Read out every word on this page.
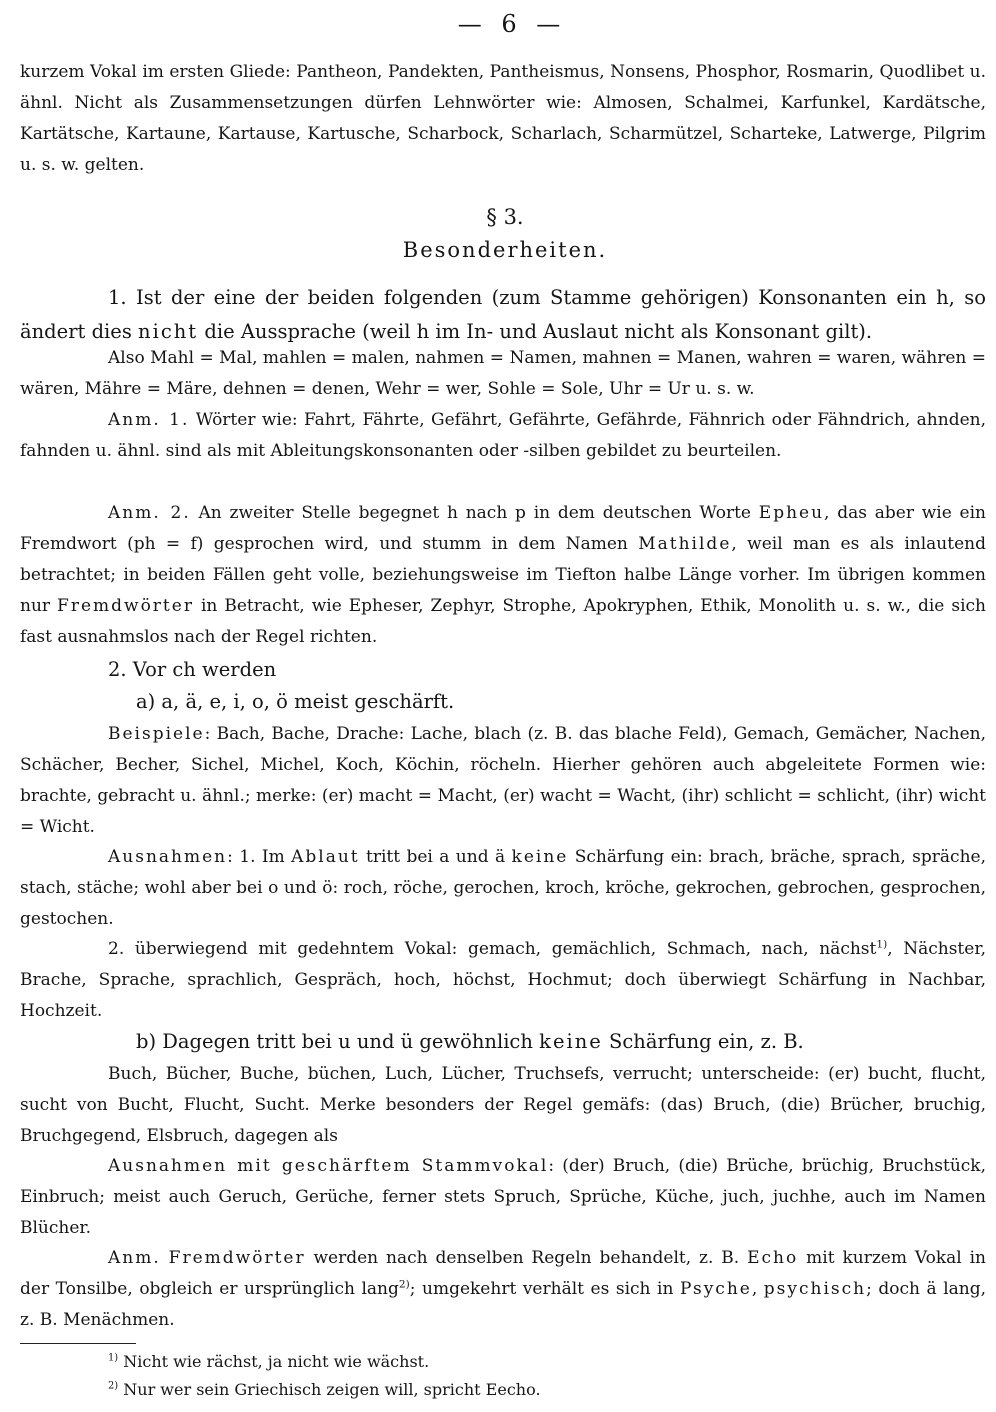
— 6 —

kurzem Vokal im ersten Gliede: Pantheon, Pandekten, Pantheismus, Nonsens, Phosphor, Rosmarin, Quodlibet u. ähnl. Nicht als Zusammensetzungen dürfen Lehnwörter wie: Almosen, Schalmei, Karfunkel, Kardätsche, Kartätsche, Kartaune, Kartause, Kartusche, Scharbock, Scharlach, Scharmützel, Scharteke, Latwerge, Pilgrim u. s. w. gelten.

§ 3.
Besonderheiten.

1. Ist der eine der beiden folgenden (zum Stamme gehörigen) Konsonanten ein h, so ändert dies nicht die Aussprache (weil h im In- und Auslaut nicht als Konsonant gilt).

Also Mahl = Mal, mahlen = malen, nahmen = Namen, mahnen = Manen, wahren = waren, währen = wären, Mähre = Märe, dehnen = denen, Wehr = wer, Sohle = Sole, Uhr = Ur u. s. w.

Anm. 1. Wörter wie: Fahrt, Fährte, Gefährt, Gefährte, Gefährde, Fähnrich oder Fähndrich, ahnden, fahnden u. ähnl. sind als mit Ableitungskonsonanten oder -silben gebildet zu beurteilen.

Anm. 2. An zweiter Stelle begegnet h nach p in dem deutschen Worte Epheu, das aber wie ein Fremdwort (ph = f) gesprochen wird, und stumm in dem Namen Mathilde, weil man es als inlautend betrachtet; in beiden Fällen geht volle, beziehungsweise im Tiefton halbe Länge vorher. Im übrigen kommen nur Fremdwörter in Betracht, wie Epheser, Zephyr, Strophe, Apokryphen, Ethik, Monolith u. s. w., die sich fast ausnahmslos nach der Regel richten.

2. Vor ch werden

a) a, ä, e, i, o, ö meist geschärft.

Beispiele: Bach, Bache, Drache: Lache, blach (z. B. das blache Feld), Gemach, Gemächer, Nachen, Schächer, Becher, Sichel, Michel, Koch, Köchin, röcheln. Hierher gehören auch abgeleitete Formen wie: brachte, gebracht u. ähnl.; merke: (er) macht = Macht, (er) wacht = Wacht, (ihr) schlicht = schlicht, (ihr) wicht = Wicht.

Ausnahmen: 1. Im Ablaut tritt bei a und ä keine Schärfung ein: brach, bräche, sprach, spräche, stach, stäche; wohl aber bei o und ö: roch, röche, gerochen, kroch, kröche, gekrochen, gebrochen, gesprochen, gestochen.

2. überwiegend mit gedehntem Vokal: gemach, gemächlich, Schmach, nach, nächst$^{1)}$, Nächster, Brache, Sprache, sprachlich, Gespräch, hoch, höchst, Hochmut; doch überwiegt Schärfung in Nachbar, Hochzeit.

b) Dagegen tritt bei u und ü gewöhnlich keine Schärfung ein, z. B.

Buch, Bücher, Buche, büchen, Luch, Lücher, Truchsefs, verrucht; unterscheide: (er) bucht, flucht, sucht von Bucht, Flucht, Sucht. Merke besonders der Regel gemäfs: (das) Bruch, (die) Brücher, bruchig, Bruchgegend, Elsbruch, dagegen als

Ausnahmen mit geschärftem Stammvokal: (der) Bruch, (die) Brüche, brüchig, Bruchstück, Einbruch; meist auch Geruch, Gerüche, ferner stets Spruch, Sprüche, Küche, juch, juchhe, auch im Namen Blücher.

Anm. Fremdwörter werden nach denselben Regeln behandelt, z. B. Echo mit kurzem Vokal in der Tonsilbe, obgleich er ursprünglich lang$^{2)}$; umgekehrt verhält es sich in Psyche, psychisch; doch ä lang, z. B. Menächmen.

$^{1)}$ Nicht wie rächst, ja nicht wie wächst.

$^{2)}$ Nur wer sein Griechisch zeigen will, spricht Eecho.
